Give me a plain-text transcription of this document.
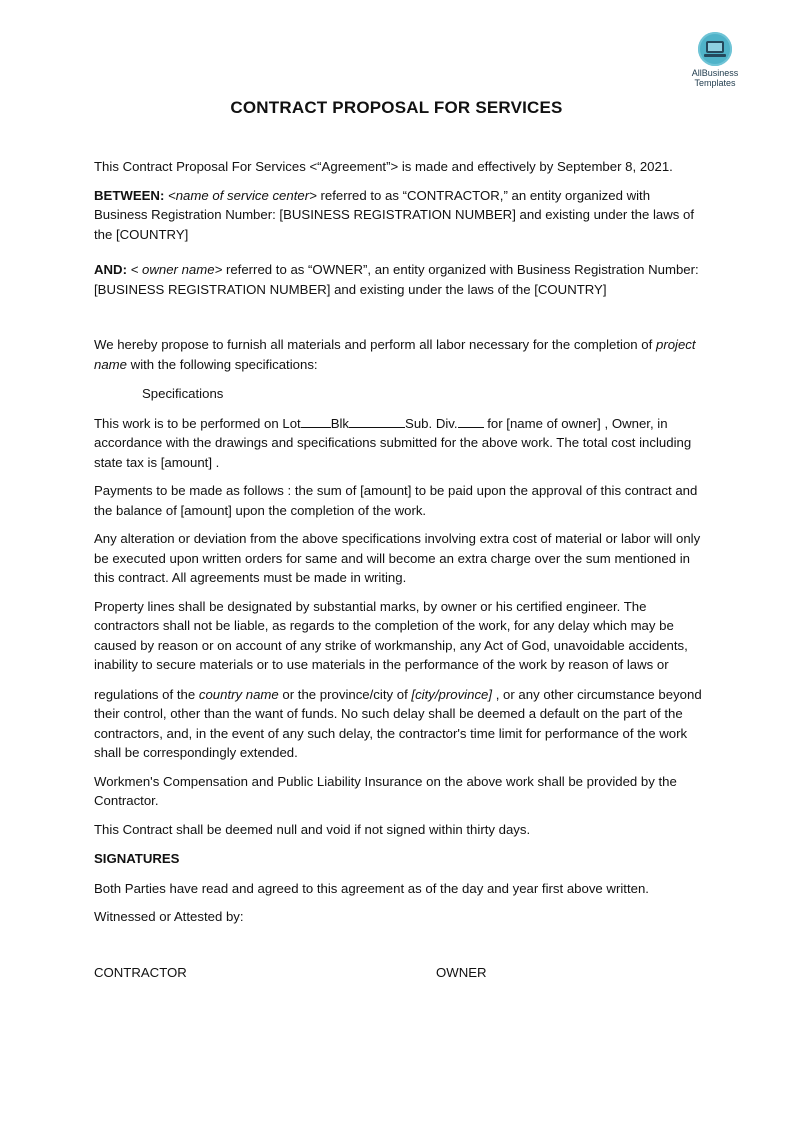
AllBusiness
Templates
CONTRACT PROPOSAL FOR SERVICES

This Contract Proposal For Services <“Agreement”> is made and effectively by September 8, 2021.

BETWEEN: <name of service center> referred to as “CONTRACTOR,” an entity organized with Business Registration Number: [BUSINESS REGISTRATION NUMBER] and existing under the laws of the [COUNTRY]

AND: < owner name> referred to as “OWNER”, an entity organized with Business Registration Number: [BUSINESS REGISTRATION NUMBER] and existing under the laws of the [COUNTRY]

We hereby propose to furnish all materials and perform all labor necessary for the completion of project name with the following specifications:

Specifications

This work is to be performed on Lot Blk	Sub. Div. for [name of owner] , Owner, in accordance with the drawings and specifications submitted for the above work. The total cost including state tax is [amount] .

Payments to be made as follows : the sum of [amount] to be paid upon the approval of this contract and the balance of [amount] upon the completion of the work.

Any alteration or deviation from the above specifications involving extra cost of material or labor will only be executed upon written orders for same and will become an extra charge over the sum mentioned in this contract. All agreements must be made in writing.

Property lines shall be designated by substantial marks, by owner or his certified engineer. The contractors shall not be liable, as regards to the completion of the work, for any delay which may be caused by reason or on account of any strike of workmanship, any Act of God, unavoidable accidents, inability to secure materials or to use materials in the performance of the work by reason of laws or

regulations of the country name or the province/city of [city/province] , or any other circumstance beyond their control, other than the want of funds. No such delay shall be deemed a default on the part of the contractors, and, in the event of any such delay, the contractor's time limit for performance of the work shall be correspondingly extended.

Workmen's Compensation and Public Liability Insurance on the above work shall be provided by the Contractor.

This Contract shall be deemed null and void if not signed within thirty days.

SIGNATURES

Both Parties have read and agreed to this agreement as of the day and year first above written.

Witnessed or Attested by:

CONTRACTOR	OWNER
